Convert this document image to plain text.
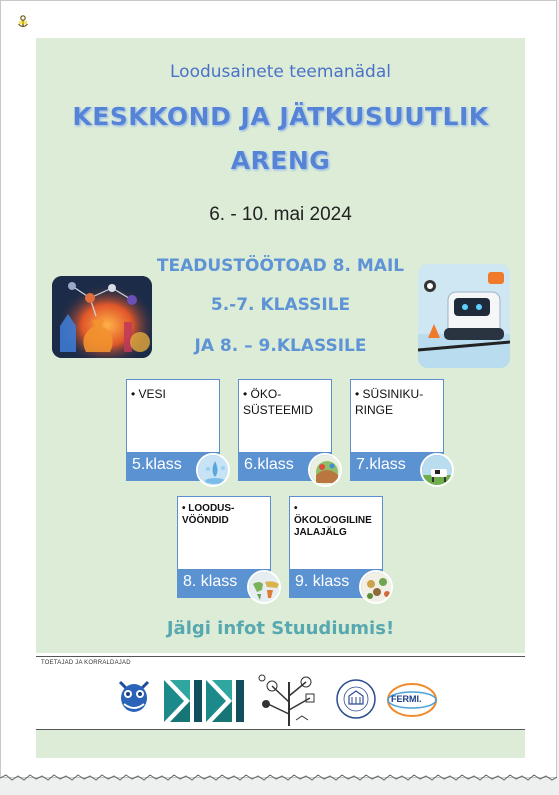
Loodusainete teemanädal
KESKKOND JA JÄTKUSUUTLIK
ARENG
6. - 10. mai 2024
TEADUSTÖÖTOAD 8. MAIL
5.-7. KLASSILE
JA 8. – 9.KLASSILE
• VESI
5.klass
• ÖKO-
SÜSTEEMID
6.klass
• SÜSINIKU-
RINGE
7.klass
• LOODUS-
VÖÖNDID
8. klass
• ÖKOLOOGILINE
JALAJÄLG
9. klass
Jälgi infot Stuudiumis!
TOETAJAD JA KORRALDAJAD
FERMI.
